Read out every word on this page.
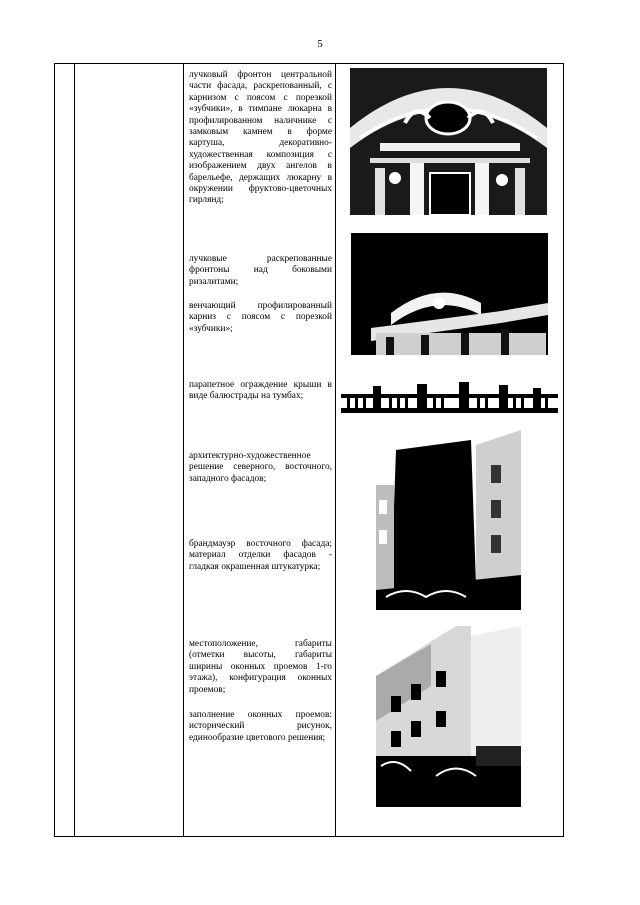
5

лучковый фронтон центральной части фасада, раскрепованный, с карнизом с поясом с порезкой «зубчики», в тимпане люкарна в профилированном наличнике с замковым камнем в форме картуша, декоративно-художественная композиция с изображением двух ангелов в барельефе, держащих люкарну в окружении фруктово-цветочных гирлянд;

лучковые раскрепованные фронтоны над боковыми ризалитами;

венчающий профилированный карниз с поясом с порезкой «зубчики»;

парапетное ограждение крыши в виде балюстрады на тумбах;

архитектурно-художественное решение северного, восточного, западного фасадов;

брандмауэр восточного фасада; материал отделки фасадов - гладкая окрашенная штукатурка;

местоположение, габариты (отметки высоты, габариты ширины оконных проемов 1-го этажа), конфигурация оконных проемов;

заполнение оконных проемов: исторический рисунок, единообразие цветового решения;
